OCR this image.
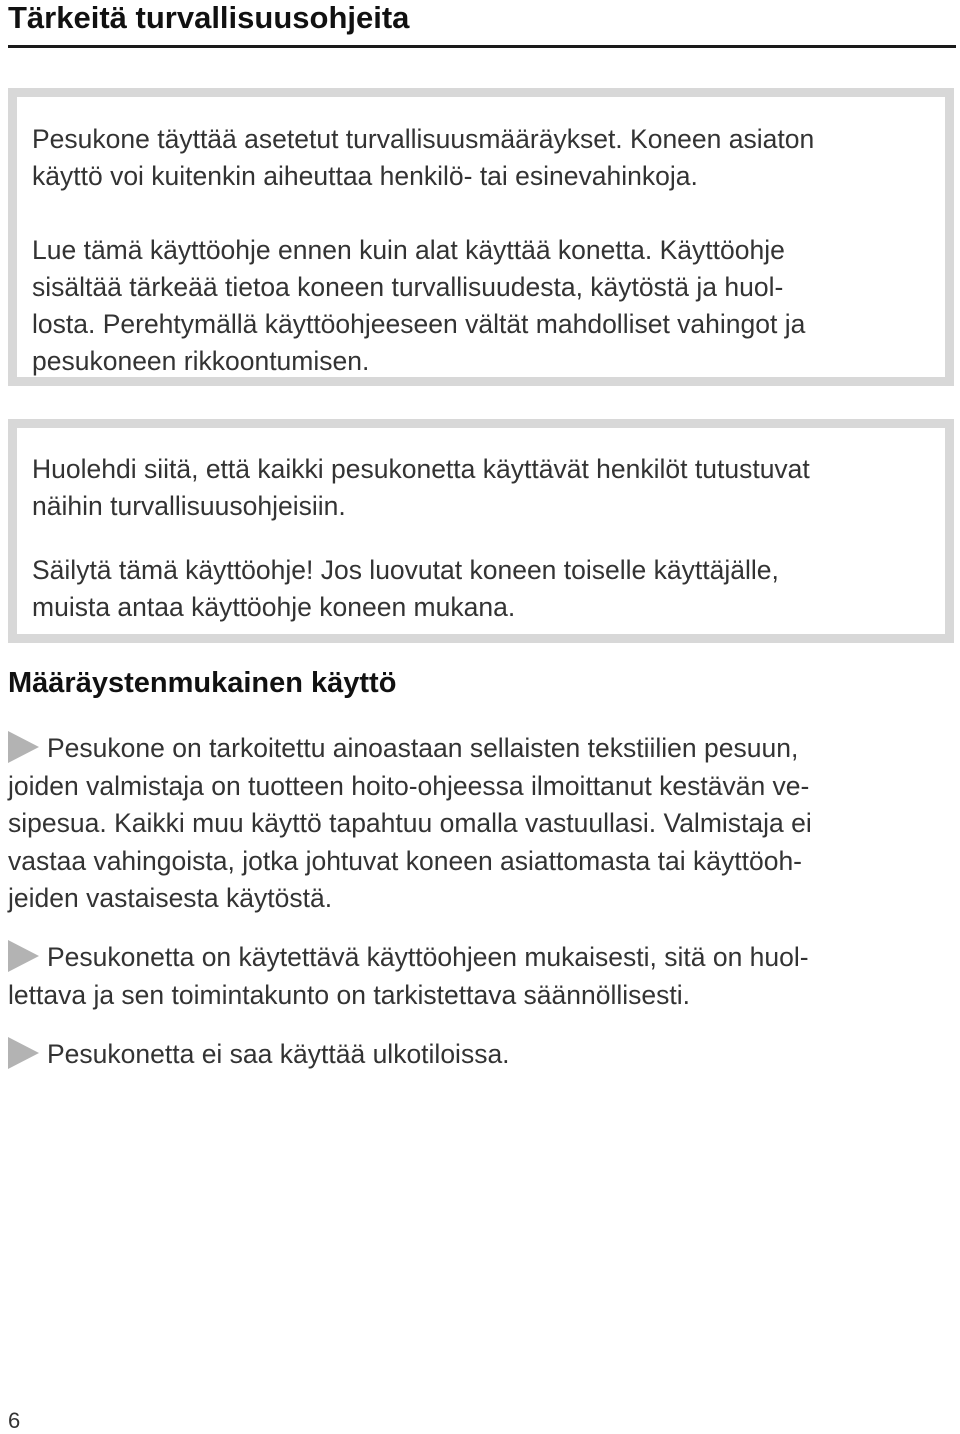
Tärkeitä turvallisuusohjeita

Pesukone täyttää asetetut turvallisuusmääräykset. Koneen asiaton
käyttö voi kuitenkin aiheuttaa henkilö- tai esinevahinkoja.

Lue tämä käyttöohje ennen kuin alat käyttää konetta. Käyttöohje
sisältää tärkeää tietoa koneen turvallisuudesta, käytöstä ja huol-
losta. Perehtymällä käyttöohjeeseen vältät mahdolliset vahingot ja
pesukoneen rikkoontumisen.

Huolehdi siitä, että kaikki pesukonetta käyttävät henkilöt tutustuvat
näihin turvallisuusohjeisiin.

Säilytä tämä käyttöohje! Jos luovutat koneen toiselle käyttäjälle,
muista antaa käyttöohje koneen mukana.

Määräystenmukainen käyttö

Pesukone on tarkoitettu ainoastaan sellaisten tekstiilien pesuun,
joiden valmistaja on tuotteen hoito-ohjeessa ilmoittanut kestävän ve-
sipesua. Kaikki muu käyttö tapahtuu omalla vastuullasi. Valmistaja ei
vastaa vahingoista, jotka johtuvat koneen asiattomasta tai käyttöoh-
jeiden vastaisesta käytöstä.

Pesukonetta on käytettävä käyttöohjeen mukaisesti, sitä on huol-
lettava ja sen toimintakunto on tarkistettava säännöllisesti.

Pesukonetta ei saa käyttää ulkotiloissa.

6
